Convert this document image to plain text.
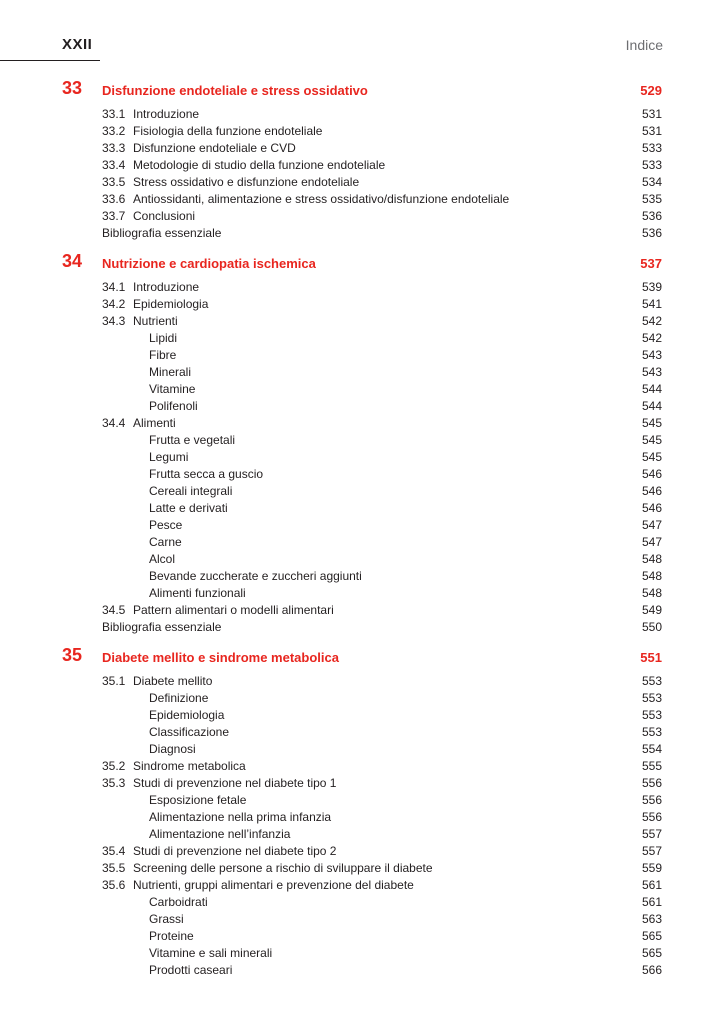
XXII	Indice
33 Disfunzione endoteliale e stress ossidativo	529
33.1 Introduzione	531
33.2 Fisiologia della funzione endoteliale	531
33.3 Disfunzione endoteliale e CVD	533
33.4 Metodologie di studio della funzione endoteliale	533
33.5 Stress ossidativo e disfunzione endoteliale	534
33.6 Antiossidanti, alimentazione e stress ossidativo/disfunzione endoteliale	535
33.7 Conclusioni	536
Bibliografia essenziale	536
34 Nutrizione e cardiopatia ischemica	537
34.1 Introduzione	539
34.2 Epidemiologia	541
34.3 Nutrienti	542
Lipidi	542
Fibre	543
Minerali	543
Vitamine	544
Polifenoli	544
34.4 Alimenti	545
Frutta e vegetali	545
Legumi	545
Frutta secca a guscio	546
Cereali integrali	546
Latte e derivati	546
Pesce	547
Carne	547
Alcol	548
Bevande zuccherate e zuccheri aggiunti	548
Alimenti funzionali	548
34.5 Pattern alimentari o modelli alimentari	549
Bibliografia essenziale	550
35 Diabete mellito e sindrome metabolica	551
35.1 Diabete mellito	553
Definizione	553
Epidemiologia	553
Classificazione	553
Diagnosi	554
35.2 Sindrome metabolica	555
35.3 Studi di prevenzione nel diabete tipo 1	556
Esposizione fetale	556
Alimentazione nella prima infanzia	556
Alimentazione nell’infanzia	557
35.4 Studi di prevenzione nel diabete tipo 2	557
35.5 Screening delle persone a rischio di sviluppare il diabete	559
35.6 Nutrienti, gruppi alimentari e prevenzione del diabete	561
Carboidrati	561
Grassi	563
Proteine	565
Vitamine e sali minerali	565
Prodotti caseari	566
